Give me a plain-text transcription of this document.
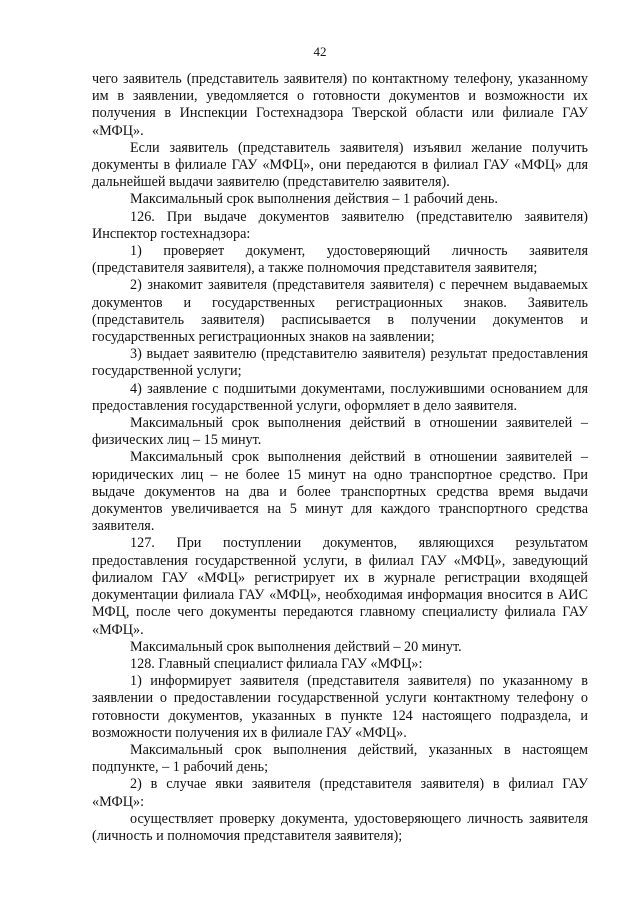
42

чего заявитель (представитель заявителя) по контактному телефону, указанному им в заявлении, уведомляется о готовности документов и возможности их получения в Инспекции Гостехнадзора Тверской области или филиале ГАУ «МФЦ».

Если заявитель (представитель заявителя) изъявил желание получить документы в филиале ГАУ «МФЦ», они передаются в филиал ГАУ «МФЦ» для дальнейшей выдачи заявителю (представителю заявителя).

Максимальный срок выполнения действия – 1 рабочий день.

126. При выдаче документов заявителю (представителю заявителя) Инспектор гостехнадзора:

1) проверяет документ, удостоверяющий личность заявителя (представителя заявителя), а также полномочия представителя заявителя;

2) знакомит заявителя (представителя заявителя) с перечнем выдаваемых документов и государственных регистрационных знаков. Заявитель (представитель заявителя) расписывается в получении документов и государственных регистрационных знаков на заявлении;

3) выдает заявителю (представителю заявителя) результат предоставления государственной услуги;

4) заявление с подшитыми документами, послужившими основанием для предоставления государственной услуги, оформляет в дело заявителя.

Максимальный срок выполнения действий в отношении заявителей – физических лиц – 15 минут.

Максимальный срок выполнения действий в отношении заявителей – юридических лиц – не более 15 минут на одно транспортное средство. При выдаче документов на два и более транспортных средства время выдачи документов увеличивается на 5 минут для каждого транспортного средства заявителя.

127. При поступлении документов, являющихся результатом предоставления государственной услуги, в филиал ГАУ «МФЦ», заведующий филиалом ГАУ «МФЦ» регистрирует их в журнале регистрации входящей документации филиала ГАУ «МФЦ», необходимая информация вносится в АИС МФЦ, после чего документы передаются главному специалисту филиала ГАУ «МФЦ».

Максимальный срок выполнения действий – 20 минут.

128. Главный специалист филиала ГАУ «МФЦ»:

1) информирует заявителя (представителя заявителя) по указанному в заявлении о предоставлении государственной услуги контактному телефону о готовности документов, указанных в пункте 124 настоящего подраздела, и возможности получения их в филиале ГАУ «МФЦ».

Максимальный срок выполнения действий, указанных в настоящем подпункте, – 1 рабочий день;

2) в случае явки заявителя (представителя заявителя) в филиал ГАУ «МФЦ»:

осуществляет проверку документа, удостоверяющего личность заявителя (личность и полномочия представителя заявителя);
